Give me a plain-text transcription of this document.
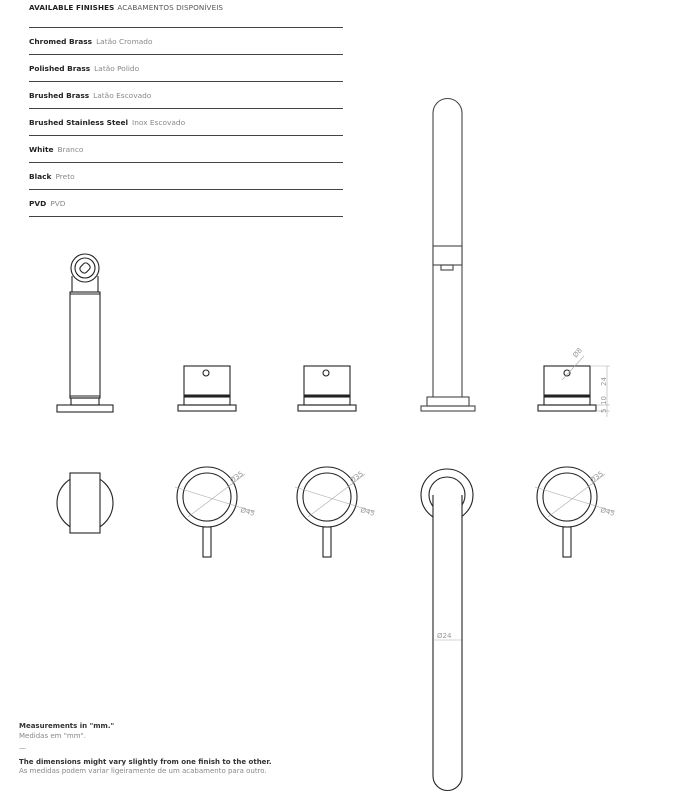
AVAILABLE FINISHES ACABAMENTOS DISPONÍVEIS
Chromed Brass Latão Cromado
Polished Brass Latão Polido
Brushed Brass Latão Escovado
Brushed Stainless Steel Inox Escovado
White Branco
Black Preto
PVD PVD
Ø8
24
10
5
Ø35
Ø45
Ø35
Ø45
Ø35
Ø45
Ø24
Measurements in "mm."
Medidas em "mm".
—
The dimensions might vary slightly from one finish to the other.
As medidas podem variar ligeiramente de um acabamento para outro.
